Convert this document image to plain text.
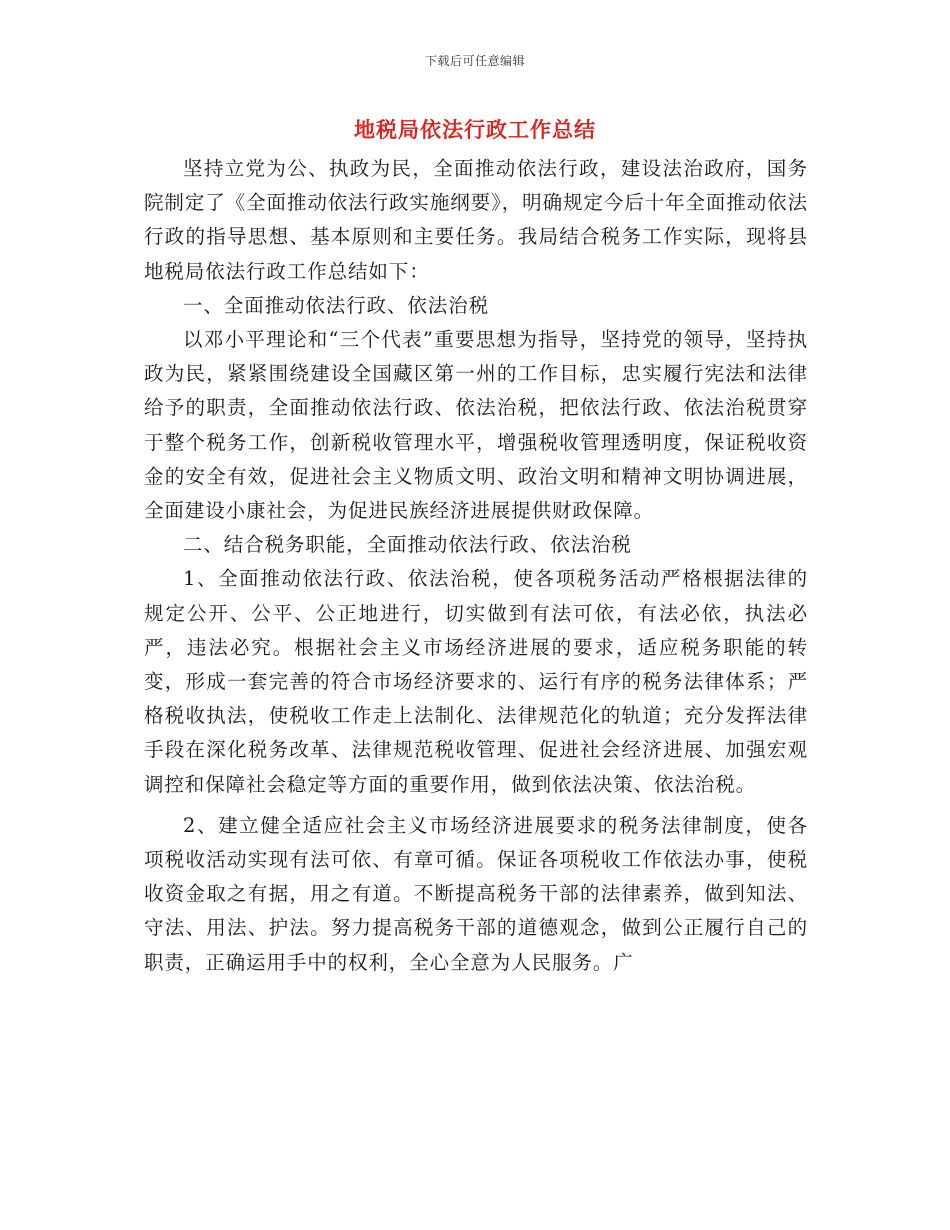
下载后可任意编辑
地税局依法行政工作总结

坚持立党为公、执政为民，全面推动依法行政，建设法治政府，国务院制定了《全面推动依法行政实施纲要》，明确规定今后十年全面推动依法行政的指导思想、基本原则和主要任务。我局结合税务工作实际，现将县地税局依法行政工作总结如下：

一、全面推动依法行政、依法治税

以邓小平理论和“三个代表”重要思想为指导，坚持党的领导，坚持执政为民，紧紧围绕建设全国藏区第一州的工作目标，忠实履行宪法和法律给予的职责，全面推动依法行政、依法治税，把依法行政、依法治税贯穿于整个税务工作，创新税收管理水平，增强税收管理透明度，保证税收资金的安全有效，促进社会主义物质文明、政治文明和精神文明协调进展，全面建设小康社会，为促进民族经济进展提供财政保障。

二、结合税务职能，全面推动依法行政、依法治税

1、全面推动依法行政、依法治税，使各项税务活动严格根据法律的规定公开、公平、公正地进行，切实做到有法可依，有法必依，执法必严，违法必究。根据社会主义市场经济进展的要求，适应税务职能的转变，形成一套完善的符合市场经济要求的、运行有序的税务法律体系；严格税收执法，使税收工作走上法制化、法律规范化的轨道；充分发挥法律手段在深化税务改革、法律规范税收管理、促进社会经济进展、加强宏观调控和保障社会稳定等方面的重要作用，做到依法决策、依法治税。

2、建立健全适应社会主义市场经济进展要求的税务法律制度，使各项税收活动实现有法可依、有章可循。保证各项税收工作依法办事，使税收资金取之有据，用之有道。不断提高税务干部的法律素养，做到知法、守法、用法、护法。努力提高税务干部的道德观念，做到公正履行自己的职责，正确运用手中的权利，全心全意为人民服务。广
